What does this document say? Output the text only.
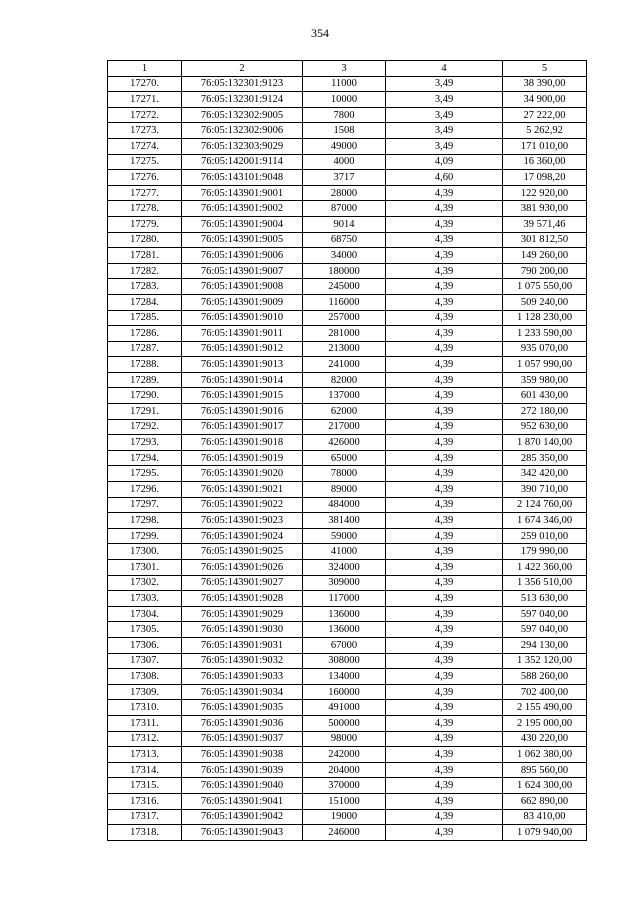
354
1	2	3	4	5
17270.	76:05:132301:9123	11000	3,49	38 390,00
17271.	76:05:132301:9124	10000	3,49	34 900,00
17272.	76:05:132302:9005	7800	3,49	27 222,00
17273.	76:05:132302:9006	1508	3,49	5 262,92
17274.	76:05:132303:9029	49000	3,49	171 010,00
17275.	76:05:142001:9114	4000	4,09	16 360,00
17276.	76:05:143101:9048	3717	4,60	17 098,20
17277.	76:05:143901:9001	28000	4,39	122 920,00
17278.	76:05:143901:9002	87000	4,39	381 930,00
17279.	76:05:143901:9004	9014	4,39	39 571,46
17280.	76:05:143901:9005	68750	4,39	301 812,50
17281.	76:05:143901:9006	34000	4,39	149 260,00
17282.	76:05:143901:9007	180000	4,39	790 200,00
17283.	76:05:143901:9008	245000	4,39	1 075 550,00
17284.	76:05:143901:9009	116000	4,39	509 240,00
17285.	76:05:143901:9010	257000	4,39	1 128 230,00
17286.	76:05:143901:9011	281000	4,39	1 233 590,00
17287.	76:05:143901:9012	213000	4,39	935 070,00
17288.	76:05:143901:9013	241000	4,39	1 057 990,00
17289.	76:05:143901:9014	82000	4,39	359 980,00
17290.	76:05:143901:9015	137000	4,39	601 430,00
17291.	76:05:143901:9016	62000	4,39	272 180,00
17292.	76:05:143901:9017	217000	4,39	952 630,00
17293.	76:05:143901:9018	426000	4,39	1 870 140,00
17294.	76:05:143901:9019	65000	4,39	285 350,00
17295.	76:05:143901:9020	78000	4,39	342 420,00
17296.	76:05:143901:9021	89000	4,39	390 710,00
17297.	76:05:143901:9022	484000	4,39	2 124 760,00
17298.	76:05:143901:9023	381400	4,39	1 674 346,00
17299.	76:05:143901:9024	59000	4,39	259 010,00
17300.	76:05:143901:9025	41000	4,39	179 990,00
17301.	76:05:143901:9026	324000	4,39	1 422 360,00
17302.	76:05:143901:9027	309000	4,39	1 356 510,00
17303.	76:05:143901:9028	117000	4,39	513 630,00
17304.	76:05:143901:9029	136000	4,39	597 040,00
17305.	76:05:143901:9030	136000	4,39	597 040,00
17306.	76:05:143901:9031	67000	4,39	294 130,00
17307.	76:05:143901:9032	308000	4,39	1 352 120,00
17308.	76:05:143901:9033	134000	4,39	588 260,00
17309.	76:05:143901:9034	160000	4,39	702 400,00
17310.	76:05:143901:9035	491000	4,39	2 155 490,00
17311.	76:05:143901:9036	500000	4,39	2 195 000,00
17312.	76:05:143901:9037	98000	4,39	430 220,00
17313.	76:05:143901:9038	242000	4,39	1 062 380,00
17314.	76:05:143901:9039	204000	4,39	895 560,00
17315.	76:05:143901:9040	370000	4,39	1 624 300,00
17316.	76:05:143901:9041	151000	4,39	662 890,00
17317.	76:05:143901:9042	19000	4,39	83 410,00
17318.	76:05:143901:9043	246000	4,39	1 079 940,00
